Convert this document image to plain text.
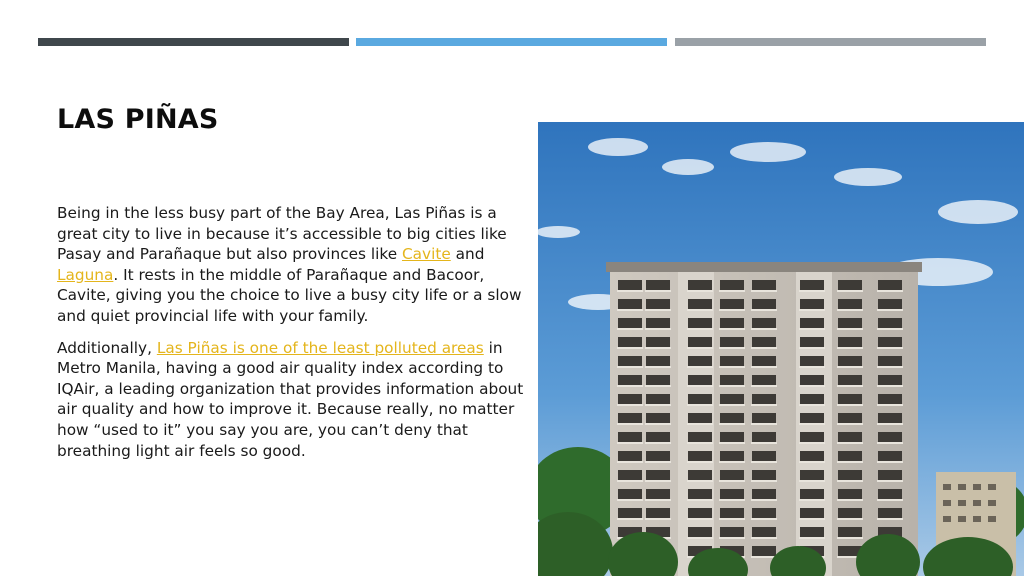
LAS PIÑAS

Being in the less busy part of the Bay Area, Las Piñas is a great city to live in because it’s accessible to big cities like Pasay and Parañaque but also provinces like Cavite and Laguna. It rests in the middle of Parañaque and Bacoor, Cavite, giving you the choice to live a busy city life or a slow and quiet provincial life with your family.

Additionally, Las Piñas is one of the least polluted areas in Metro Manila, having a good air quality index according to IQAir, a leading organization that provides information about air quality and how to improve it. Because really, no matter how “used to it” you say you are, you can’t deny that breathing light air feels so good.
